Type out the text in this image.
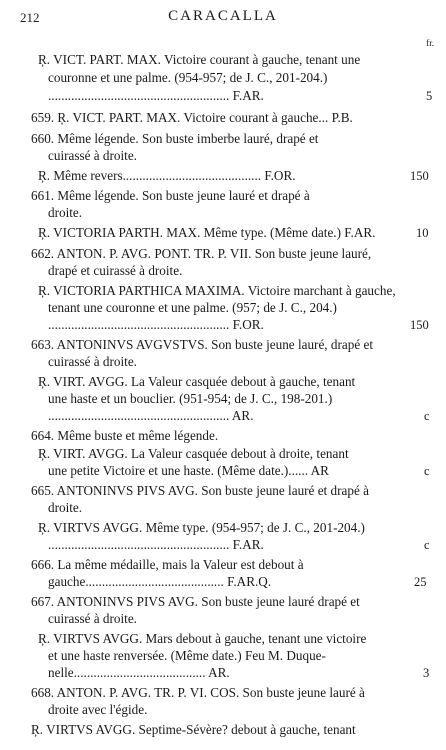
212	CARACALLA
fr.
Ŗ. VICT. PART. MAX. Victoire courant à gauche, tenant une
couronne et une palme. (954-957; de J. C., 201-204.)
....................................................... F.AR.
659. Ŗ. VICT. PART. MAX. Victoire courant à gauche... P.B.
660. Même légende. Son buste imberbe lauré, drapé et
cuirassé à droite.
Ŗ. Même revers.......................................... F.OR.
661. Même légende. Son buste jeune lauré et drapé à
droite.
Ŗ. VICTORIA PARTH. MAX. Même type. (Même date.) F.AR.
662. ANTON. P. AVG. PONT. TR. P. VII. Son buste jeune lauré,
drapé et cuirassé à droite.
Ŗ. VICTORIA PARTHICA MAXIMA. Victoire marchant à gauche,
tenant une couronne et une palme. (957; de J. C., 204.)
....................................................... F.OR.
663. ANTONINVS AVGVSTVS. Son buste jeune lauré, drapé et
cuirassé à droite.
Ŗ. VIRT. AVGG. La Valeur casquée debout à gauche, tenant
une haste et un bouclier. (951-954; de J. C., 198-201.)
....................................................... AR.
664. Même buste et même légende.
Ŗ. VIRT. AVGG. La Valeur casquée debout à droite, tenant
une petite Victoire et une haste. (Même date.)...... AR
665. ANTONINVS PIVS AVG. Son buste jeune lauré et drapé à
droite.
Ŗ. VIRTVS AVGG. Même type. (954-957; de J. C., 201-204.)
....................................................... F.AR.
666. La même médaille, mais la Valeur est debout à
gauche.......................................... F.AR.Q.
667. ANTONINVS PIVS AVG. Son buste jeune lauré drapé et
cuirassé à droite.
Ŗ. VIRTVS AVGG. Mars debout à gauche, tenant une victoire
et une haste renversée. (Même date.) Feu M. Duque-
nelle........................................ AR.
668. ANTON. P. AVG. TR. P. VI. COS. Son buste jeune lauré à
droite avec l'égide.
Ŗ. VIRTVS AVGG. Septime-Sévère? debout à gauche, tenant
5
150
10
150
c
c
c
25
3
